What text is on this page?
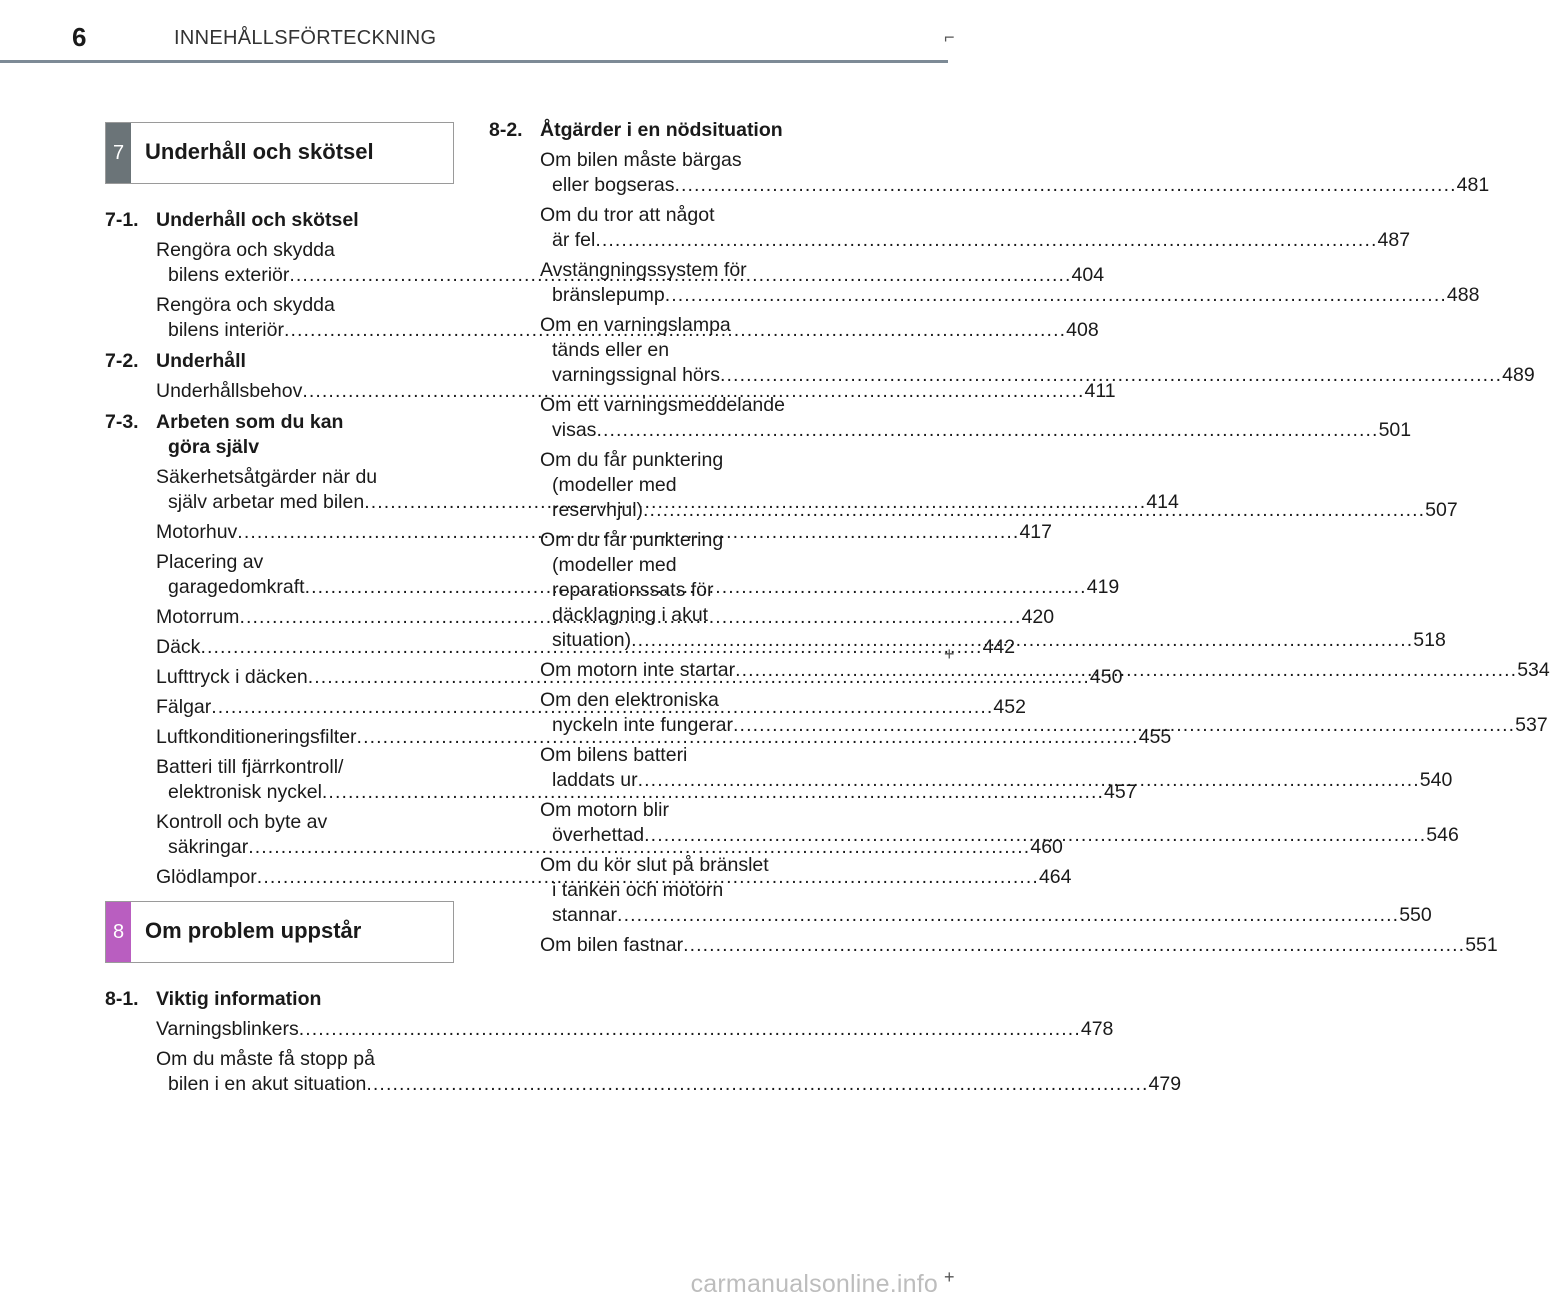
6	INNEHÅLLSFÖRTECKNING	⌐
+
+
7 Underhåll och skötsel
7-1. Underhåll och skötsel
Rengöra och skydda
bilens exteriör .....	404
Rengöra och skydda
bilens interiör .....	408
7-2. Underhåll
Underhållsbehov .....	411
7-3. Arbeten som du kan
göra själv
Säkerhetsåtgärder när du
själv arbetar med bilen .....	414
Motorhuv .....	417
Placering av
garagedomkraft .....	419
Motorrum .....	420
Däck .....	442
Lufttryck i däcken .....	450
Fälgar .....	452
Luftkonditioneringsfilter .....	455
Batteri till fjärrkontroll/
elektronisk nyckel .....	457
Kontroll och byte av
säkringar .....	460
Glödlampor .....	464
8 Om problem uppstår
8-1. Viktig information
Varningsblinkers .....	478
Om du måste få stopp på
bilen i en akut situation .....	479
8-2. Åtgärder i en nödsituation
Om bilen måste bärgas
eller bogseras .....	481
Om du tror att något
är fel .....	487
Avstängningssystem för
bränslepump .....	488
Om en varningslampa
tänds eller en
varningssignal hörs .....	489
Om ett varningsmeddelande
visas .....	501
Om du får punktering
(modeller med
reservhjul) .....	507
Om du får punktering
(modeller med
reparationssats för
däcklagning i akut
situation) .....	518
Om motorn inte startar .....	534
Om den elektroniska
nyckeln inte fungerar .....	537
Om bilens batteri
laddats ur .....	540
Om motorn blir
överhettad .....	546
Om du kör slut på bränslet
i tanken och motorn
stannar .....	550
Om bilen fastnar .....	551
carmanualsonline.info
